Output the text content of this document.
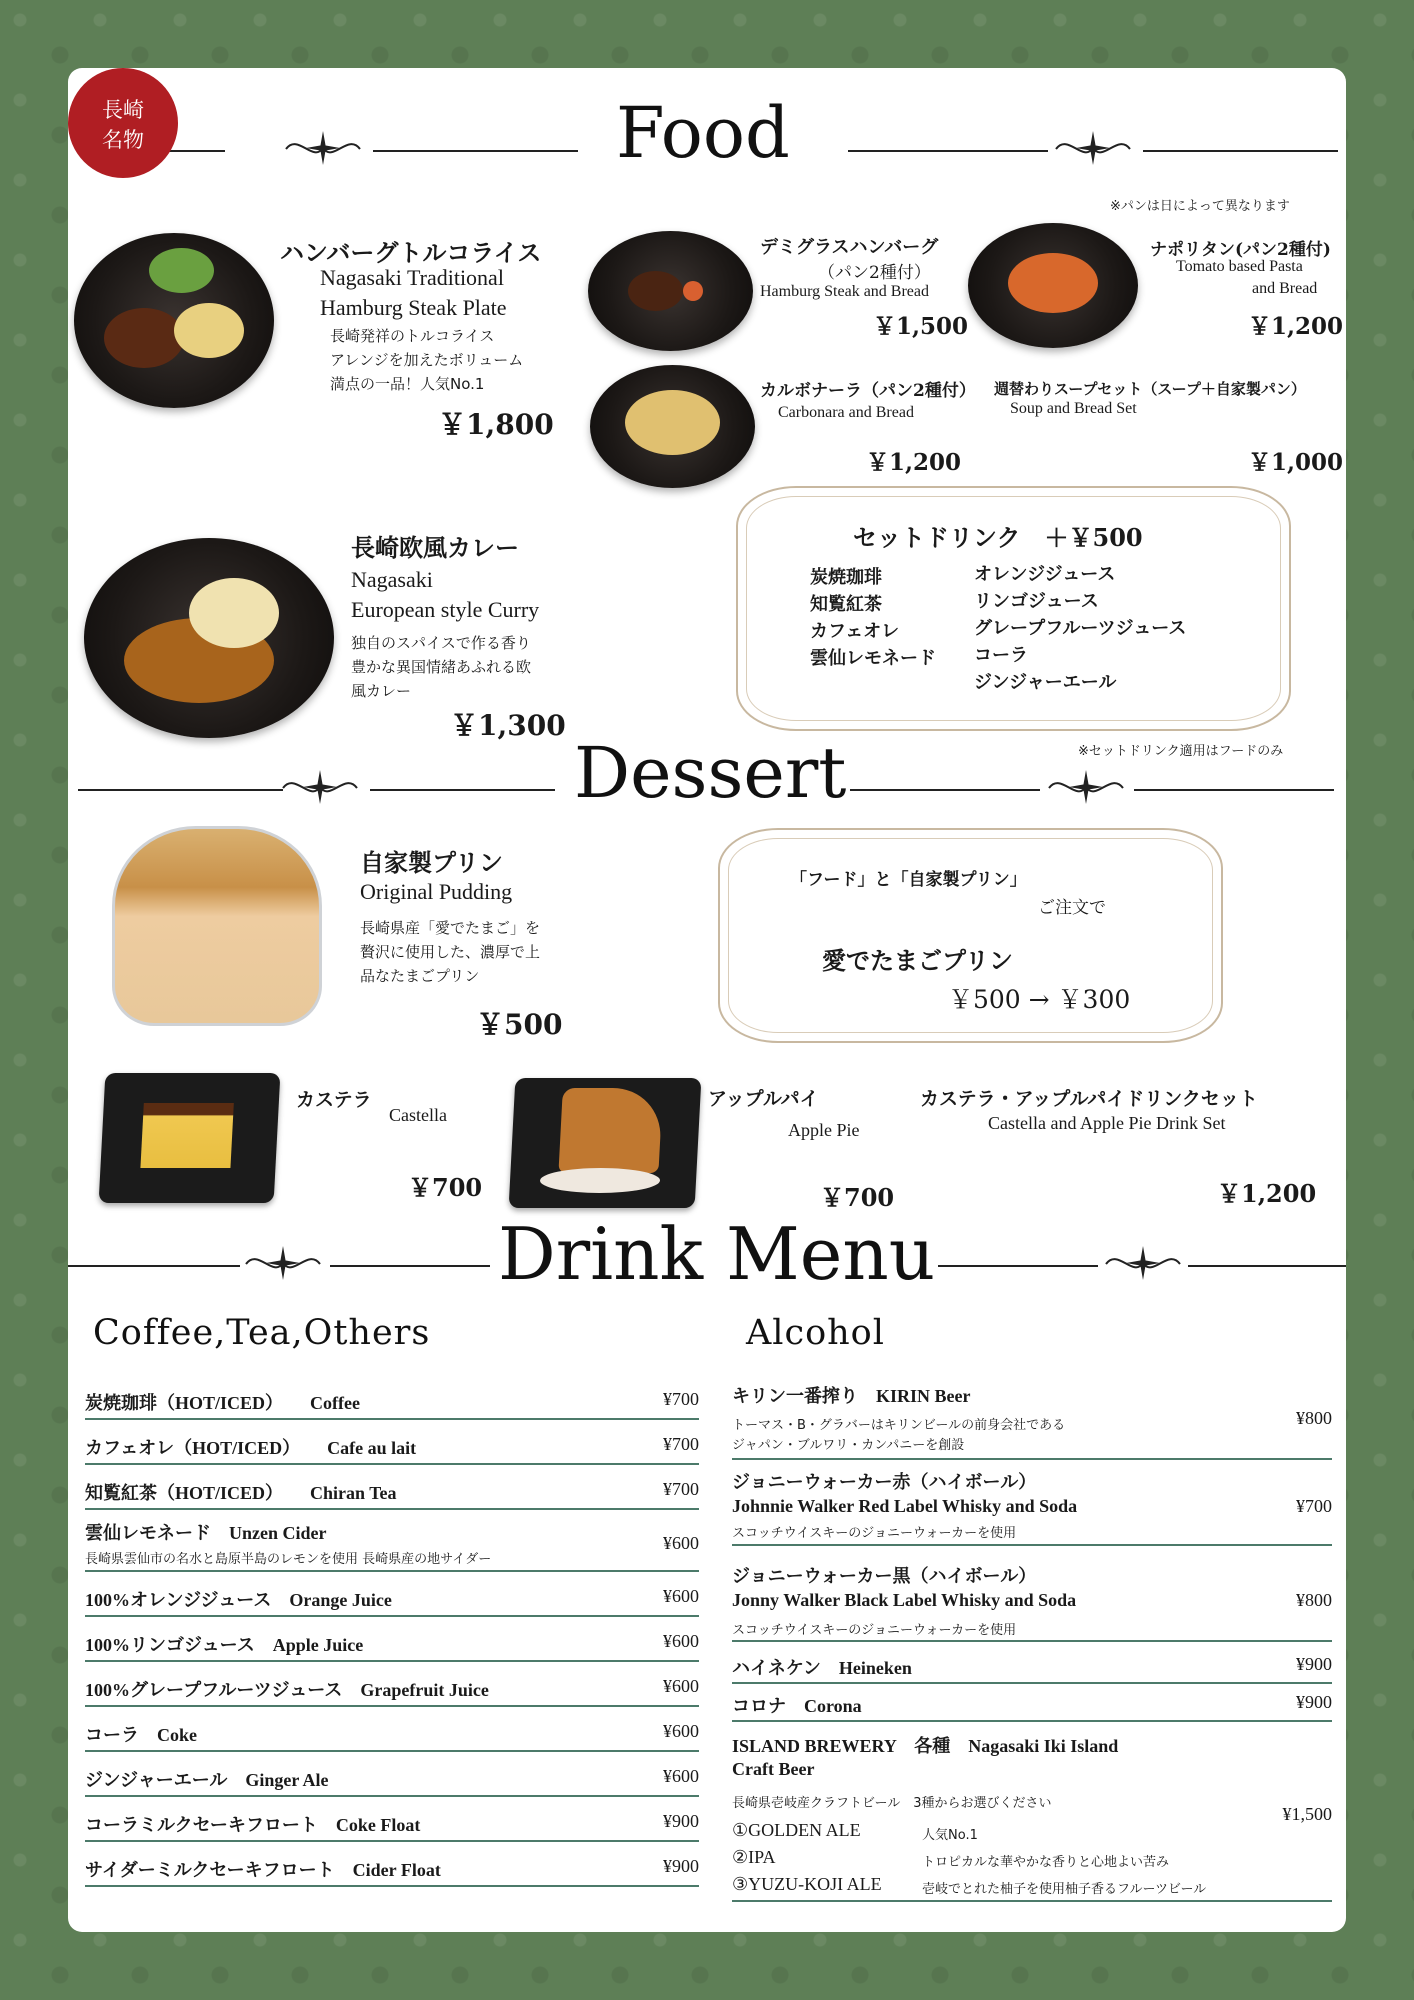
Food
※パンは日によって異なります
長崎
名物
ハンバーグトルコライス
Nagasaki Traditional
Hamburg Steak Plate
長崎発祥のトルコライス
アレンジを加えたボリューム
満点の一品！人気No.1
￥1,800
デミグラスハンバーグ
（パン2種付）
Hamburg Steak and Bread
￥1,500
ナポリタン(パン2種付)
Tomato based Pasta
and Bread
￥1,200
カルボナーラ（パン2種付）
Carbonara and Bread
￥1,200
週替わりスープセット（スープ＋自家製パン）
Soup and Bread Set
￥1,000
長崎欧風カレー
Nagasaki
European style Curry
独自のスパイスで作る香り
豊かな異国情緒あふれる欧
風カレー
￥1,300
セットドリンク　＋￥500
炭焼珈琲
知覧紅茶
カフェオレ
雲仙レモネード
オレンジジュース
リンゴジュース
グレープフルーツジュース
コーラ
ジンジャーエール
※セットドリンク適用はフードのみ
Dessert
自家製プリン
Original Pudding
長崎県産「愛でたまご」を
贅沢に使用した、濃厚で上
品なたまごプリン
￥500
「フード」と「自家製プリン」
ご注文で
愛でたまごプリン
￥500 → ￥300
カステラ
Castella
￥700
アップルパイ
Apple Pie
￥700
カステラ・アップルパイドリンクセット
Castella and Apple Pie Drink Set
￥1,200
Drink Menu
Coffee,Tea,Others	Alcohol
炭焼珈琲（HOT/ICED）　　Coffee	¥700
カフェオレ（HOT/ICED）　　Cafe au lait	¥700
知覧紅茶（HOT/ICED）　　Chiran Tea	¥700
雲仙レモネード　Unzen Cider
長崎県雲仙市の名水と島原半島のレモンを使用 長崎県産の地サイダー
¥600
100%オレンジジュース　Orange Juice	¥600
100%リンゴジュース　Apple Juice	¥600
100%グレープフルーツジュース　Grapefruit Juice	¥600
コーラ　Coke	¥600
ジンジャーエール　Ginger Ale	¥600
コーラミルクセーキフロート　Coke Float	¥900
サイダーミルクセーキフロート　Cider Float	¥900
キリン一番搾り　KIRIN Beer
トーマス・B・グラバーはキリンビールの前身会社である
ジャパン・ブルワリ・カンパニーを創設
¥800
ジョニーウォーカー赤（ハイボール）
Johnnie Walker Red Label Whisky and Soda
スコッチウイスキーのジョニーウォーカーを使用
¥700
ジョニーウォーカー黒（ハイボール）
Jonny Walker Black Label Whisky and Soda
スコッチウイスキーのジョニーウォーカーを使用
¥800
ハイネケン　Heineken	¥900
コロナ　Corona	¥900
ISLAND BREWERY　各種　Nagasaki Iki Island
Craft Beer
長崎県壱岐産クラフトビール　3種からお選びください
¥1,500
①GOLDEN ALE	人気No.1
②IPA	トロピカルな華やかな香りと心地よい苦み
③YUZU-KOJI ALE	壱岐でとれた柚子を使用柚子香るフルーツビール
